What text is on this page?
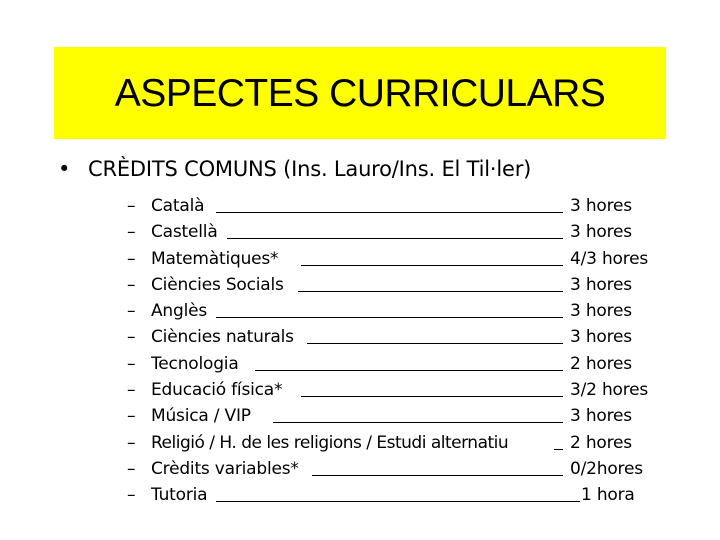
ASPECTES CURRICULARS
• CRÈDITS COMUNS (Ins. Lauro/Ins. El Til·ler)
– Català	3 hores
– Castellà	3 hores
– Matemàtiques*	4/3 hores
– Ciències Socials	3 hores
– Anglès	3 hores
– Ciències naturals	3 hores
– Tecnologia	2 hores
– Educació física*	3/2 hores
– Música / VIP	3 hores
– Religió / H. de les religions / Estudi alternatiu	2 hores
– Crèdits variables*	0/2hores
– Tutoria	1 hora
